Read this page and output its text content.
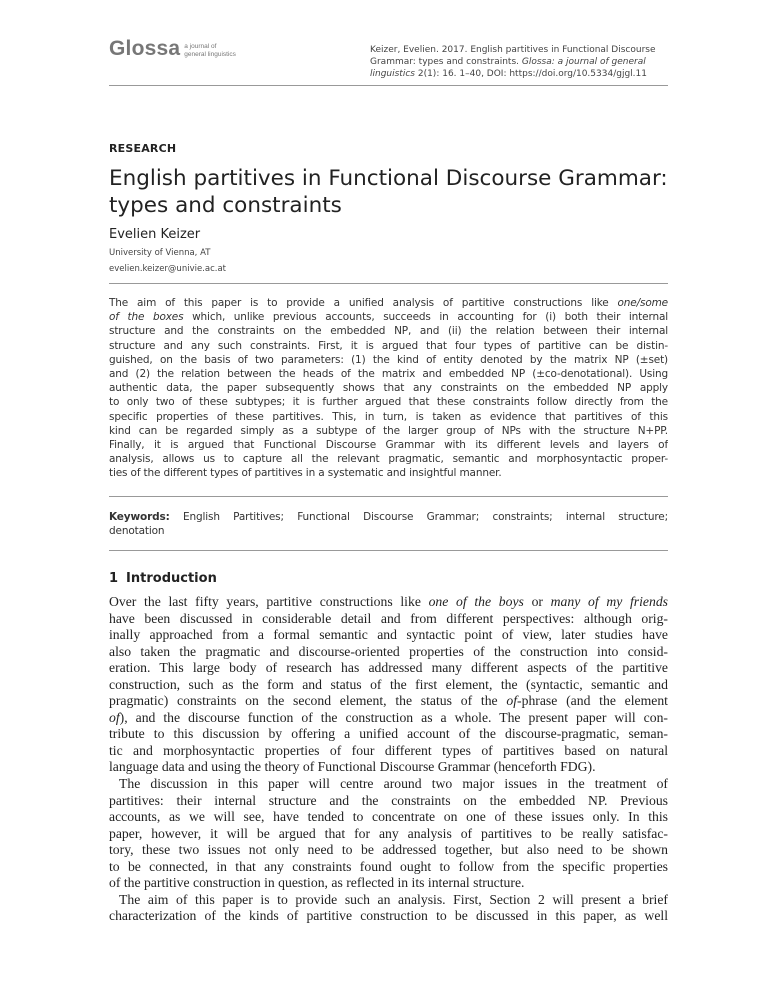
Glossa a journal of
general linguistics	Keizer, Evelien. 2017. English partitives in Functional Discourse
Grammar: types and constraints. Glossa: a journal of general
linguistics 2(1): 16. 1–40, DOI: https://doi.org/10.5334/gjgl.11
RESEARCH
English partitives in Functional Discourse Grammar:
types and constraints
Evelien Keizer
University of Vienna, AT
evelien.keizer@univie.ac.at
The aim of this paper is to provide a unified analysis of partitive constructions like one/some
of the boxes which, unlike previous accounts, succeeds in accounting for (i) both their internal
structure and the constraints on the embedded NP, and (ii) the relation between their internal
structure and any such constraints. First, it is argued that four types of partitive can be distin-
guished, on the basis of two parameters: (1) the kind of entity denoted by the matrix NP (±set)
and (2) the relation between the heads of the matrix and embedded NP (±co-denotational). Using
authentic data, the paper subsequently shows that any constraints on the embedded NP apply
to only two of these subtypes; it is further argued that these constraints follow directly from the
specific properties of these partitives. This, in turn, is taken as evidence that partitives of this
kind can be regarded simply as a subtype of the larger group of NPs with the structure N+PP.
Finally, it is argued that Functional Discourse Grammar with its different levels and layers of
analysis, allows us to capture all the relevant pragmatic, semantic and morphosyntactic proper-
ties of the different types of partitives in a systematic and insightful manner.
Keywords: English Partitives; Functional Discourse Grammar; constraints; internal structure;
denotation
1 Introduction
Over the last fifty years, partitive constructions like one of the boys or many of my friends
have been discussed in considerable detail and from different perspectives: although orig-
inally approached from a formal semantic and syntactic point of view, later studies have
also taken the pragmatic and discourse-oriented properties of the construction into consid-
eration. This large body of research has addressed many different aspects of the partitive
construction, such as the form and status of the first element, the (syntactic, semantic and
pragmatic) constraints on the second element, the status of the of-phrase (and the element
of), and the discourse function of the construction as a whole. The present paper will con-
tribute to this discussion by offering a unified account of the discourse-pragmatic, seman-
tic and morphosyntactic properties of four different types of partitives based on natural
language data and using the theory of Functional Discourse Grammar (henceforth FDG).
The discussion in this paper will centre around two major issues in the treatment of
partitives: their internal structure and the constraints on the embedded NP. Previous
accounts, as we will see, have tended to concentrate on one of these issues only. In this
paper, however, it will be argued that for any analysis of partitives to be really satisfac-
tory, these two issues not only need to be addressed together, but also need to be shown
to be connected, in that any constraints found ought to follow from the specific properties
of the partitive construction in question, as reflected in its internal structure.
The aim of this paper is to provide such an analysis. First, Section 2 will present a brief
characterization of the kinds of partitive construction to be discussed in this paper, as well
